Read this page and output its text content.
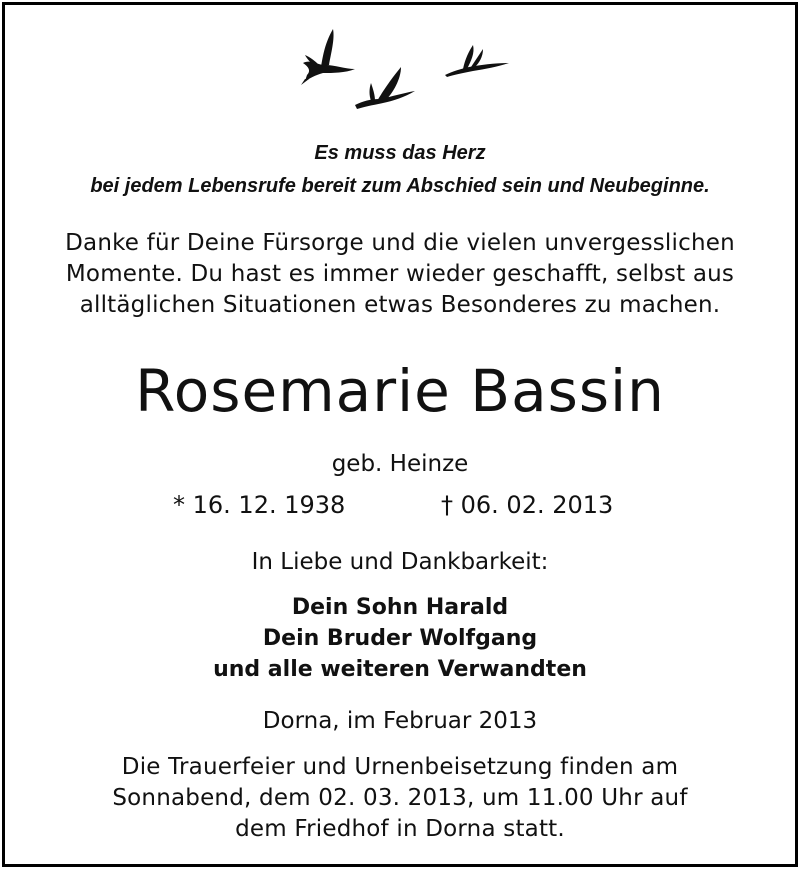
Es muss das Herz
bei jedem Lebensrufe bereit zum Abschied sein und Neubeginne.
Danke für Deine Fürsorge und die vielen unvergesslichen
Momente. Du hast es immer wieder geschafft, selbst aus
alltäglichen Situationen etwas Besonderes zu machen.
Rosemarie Bassin
geb. Heinze
* 16. 12. 1938	† 06. 02. 2013
In Liebe und Dankbarkeit:
Dein Sohn Harald
Dein Bruder Wolfgang
und alle weiteren Verwandten
Dorna, im Februar 2013
Die Trauerfeier und Urnenbeisetzung finden am
Sonnabend, dem 02. 03. 2013, um 11.00 Uhr auf
dem Friedhof in Dorna statt.
